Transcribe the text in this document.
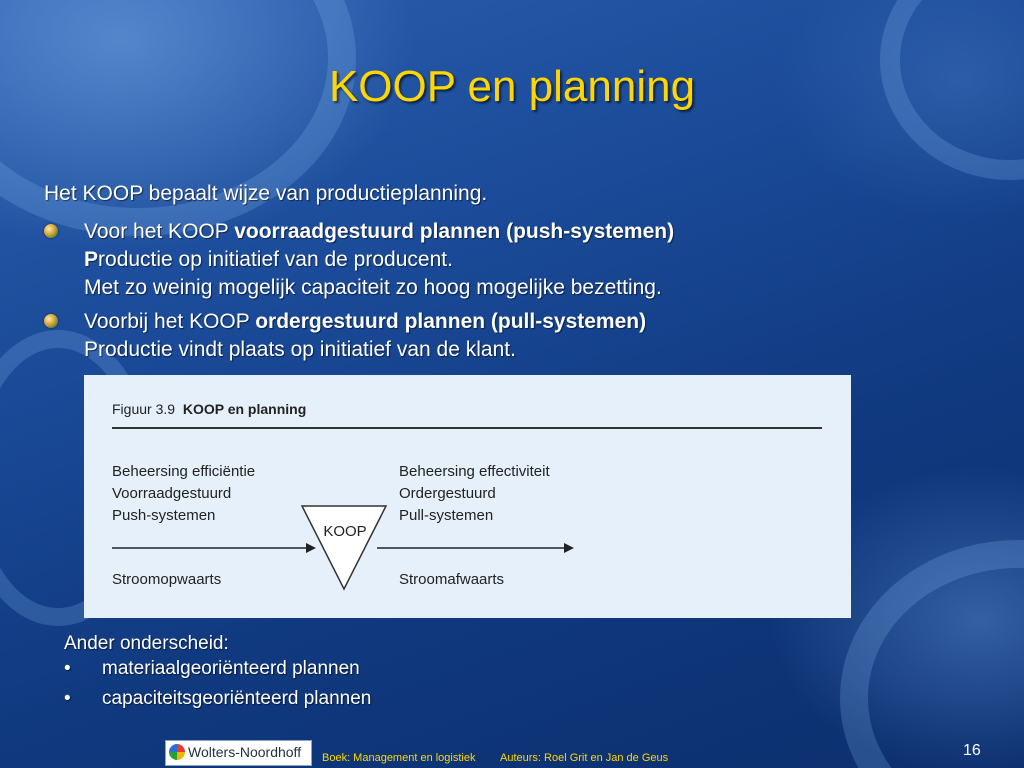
KOOP en planning
Het KOOP bepaalt wijze van productieplanning.
Voor het KOOP voorraadgestuurd plannen (push-systemen)
Productie op initiatief van de producent.
Met zo weinig mogelijk capaciteit zo hoog mogelijke bezetting.
Voorbij het KOOP ordergestuurd plannen (pull-systemen)
Productie vindt plaats op initiatief van de klant.
Figuur 3.9 KOOP en planning
Beheersing efficiëntie
Voorraadgestuurd
Push-systemen
Beheersing effectiviteit
Ordergestuurd
Pull-systemen
KOOP
Stroomopwaarts	Stroomafwaarts
Ander onderscheid:
• materiaalgeoriënteerd plannen
• capaciteitsgeoriënteerd plannen
Wolters-Noordhoff Boek: Management en logistiek Auteurs: Roel Grit en Jan de Geus	16
